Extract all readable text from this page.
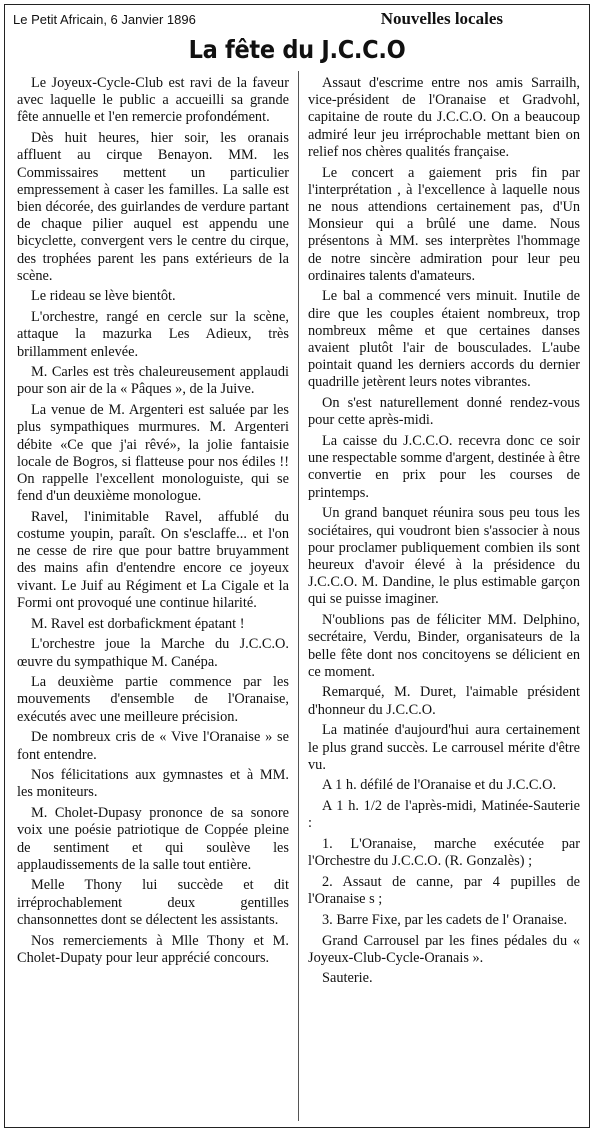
Le Petit Africain, 6 Janvier 1896	Nouvelles locales
La fête du J.C.C.O

Le Joyeux-Cycle-Club est ravi de la faveur avec laquelle le public a accueilli sa grande fête annuelle et l'en remercie profondément.

Dès huit heures, hier soir, les oranais affluent au cirque Benayon. MM. les Commissaires mettent un particulier empressement à caser les familles. La salle est bien décorée, des guirlandes de verdure partant de chaque pilier auquel est appendu une bicyclette, convergent vers le centre du cirque, des trophées parent les pans extérieurs de la scène.

Le rideau se lève bientôt.

L'orchestre, rangé en cercle sur la scène, attaque la mazurka Les Adieux, très brillamment enlevée.

M. Carles est très chaleureusement applaudi pour son air de la « Pâques », de la Juive.

La venue de M. Argenteri est saluée par les plus sympathiques murmures. M. Argenteri débite «Ce que j'ai rêvé», la jolie fantaisie locale de Bogros, si flatteuse pour nos édiles !! On rappelle l'excellent monologuiste, qui se fend d'un deuxième monologue.

Ravel, l'inimitable Ravel, affublé du costume youpin, paraît. On s'esclaffe... et l'on ne cesse de rire que pour battre bruyamment des mains afin d'entendre encore ce joyeux vivant. Le Juif au Régiment et La Cigale et la Formi ont provoqué une continue hilarité.

M. Ravel est dorbafickment épatant !

L'orchestre joue la Marche du J.C.C.O. œuvre du sympathique M. Canépa.

La deuxième partie commence par les mouvements d'ensemble de l'Oranaise, exécutés avec une meilleure précision.

De nombreux cris de « Vive l'Oranaise » se font entendre.

Nos félicitations aux gymnastes et à MM. les moniteurs.

M. Cholet-Dupasy prononce de sa sonore voix une poésie patriotique de Coppée pleine de sentiment et qui soulève les applaudissements de la salle tout entière.

Melle Thony lui succède et dit irréprochablement deux gentilles chansonnettes dont se délectent les assistants.

Nos remerciements à Mlle Thony et M. Cholet-Dupaty pour leur apprécié concours.

Assaut d'escrime entre nos amis Sarrailh, vice-président de l'Oranaise et Gradvohl, capitaine de route du J.C.C.O. On a beaucoup admiré leur jeu irréprochable mettant bien on relief nos chères qualités française.

Le concert a gaiement pris fin par l'interprétation , à l'excellence à laquelle nous ne nous attendions certainement pas, d'Un Monsieur qui a brûlé une dame. Nous présentons à MM. ses interprètes l'hommage de notre sincère admiration pour leur peu ordinaires talents d'amateurs.

Le bal a commencé vers minuit. Inutile de dire que les couples étaient nombreux, trop nombreux même et que certaines danses avaient plutôt l'air de bousculades. L'aube pointait quand les derniers accords du dernier quadrille jetèrent leurs notes vibrantes.

On s'est naturellement donné rendez-vous pour cette après-midi.

La caisse du J.C.C.O. recevra donc ce soir une respectable somme d'argent, destinée à être convertie en prix pour les courses de printemps.

Un grand banquet réunira sous peu tous les sociétaires, qui voudront bien s'associer à nous pour proclamer publiquement combien ils sont heureux d'avoir élevé à la présidence du J.C.C.O. M. Dandine, le plus estimable garçon qui se puisse imaginer.

N'oublions pas de féliciter MM. Delphino, secrétaire, Verdu, Binder, organisateurs de la belle fête dont nos concitoyens se délicient en ce moment.

Remarqué, M. Duret, l'aimable président d'honneur du J.C.C.O.

La matinée d'aujourd'hui aura certainement le plus grand succès. Le carrousel mérite d'être vu.

A 1 h. défilé de l'Oranaise et du J.C.C.O.

A 1 h. 1/2 de l'après-midi, Matinée-Sauterie :

1. L'Oranaise, marche exécutée par l'Orchestre du J.C.C.O. (R. Gonzalès) ;

2. Assaut de canne, par 4 pupilles de l'Oranaise s ;

3. Barre Fixe, par les cadets de l' Oranaise.

Grand Carrousel par les fines pédales du « Joyeux-Club-Cycle-Oranais ».

Sauterie.
